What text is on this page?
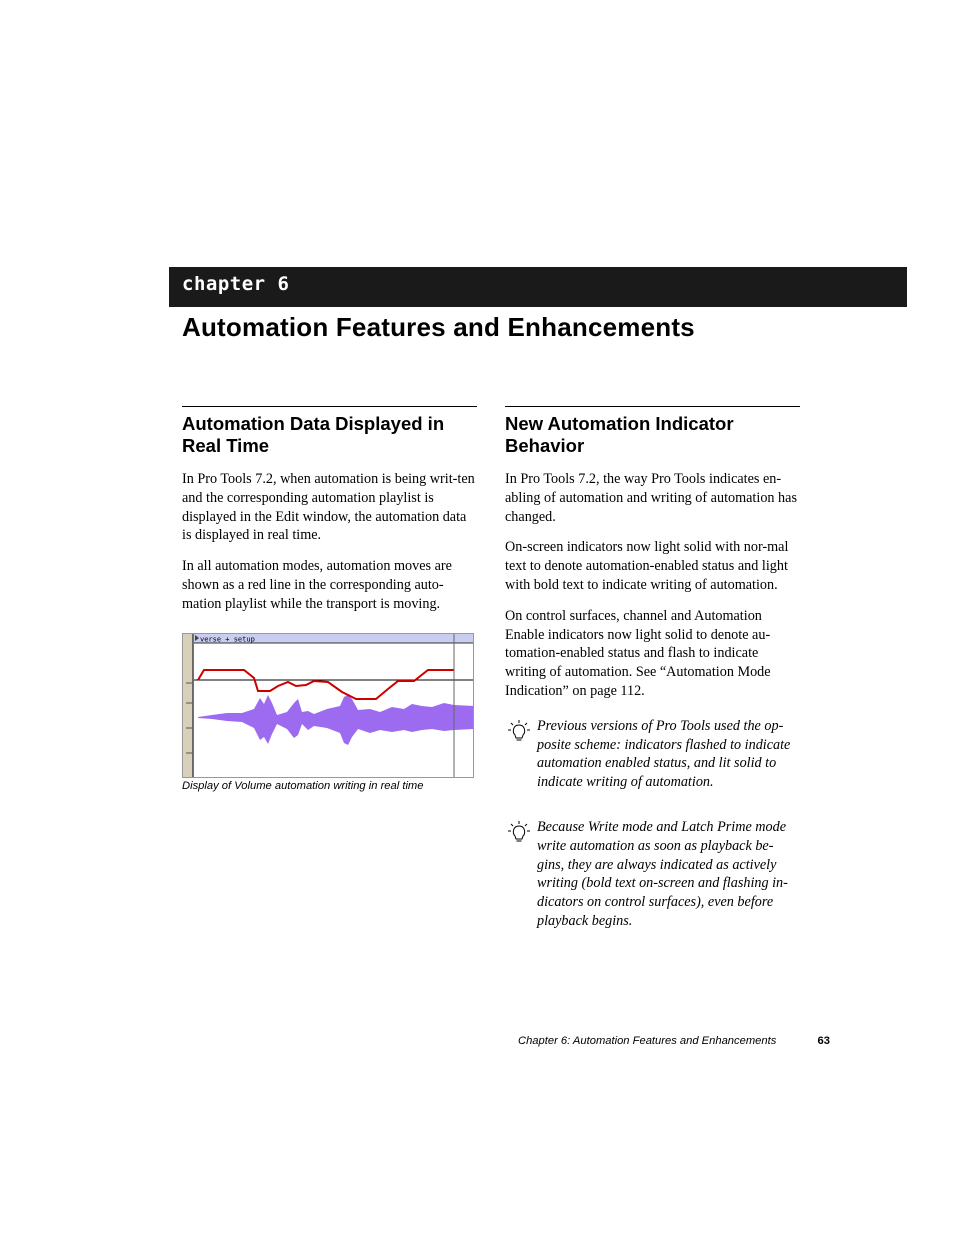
chapter 6
Automation Features and Enhancements
Automation Data Displayed in Real Time

In Pro Tools 7.2, when automation is being writ-ten and the corresponding automation playlist is displayed in the Edit window, the automation data is displayed in real time.

In all automation modes, automation moves are shown as a red line in the corresponding auto-mation playlist while the transport is moving.

verse + setup
Display of Volume automation writing in real time
New Automation Indicator Behavior

In Pro Tools 7.2, the way Pro Tools indicates en-abling of automation and writing of automation has changed.

On-screen indicators now light solid with nor-mal text to denote automation-enabled status and light with bold text to indicate writing of automation.

On control surfaces, channel and Automation Enable indicators now light solid to denote au-tomation-enabled status and flash to indicate writing of automation. See “Automation Mode Indication” on page 112.

Previous versions of Pro Tools used the op-posite scheme: indicators flashed to indicate automation enabled status, and lit solid to indicate writing of automation.
Because Write mode and Latch Prime mode write automation as soon as playback be-gins, they are always indicated as actively writing (bold text on-screen and flashing in-dicators on control surfaces), even before playback begins.
Chapter 6: Automation Features and Enhancements	63
